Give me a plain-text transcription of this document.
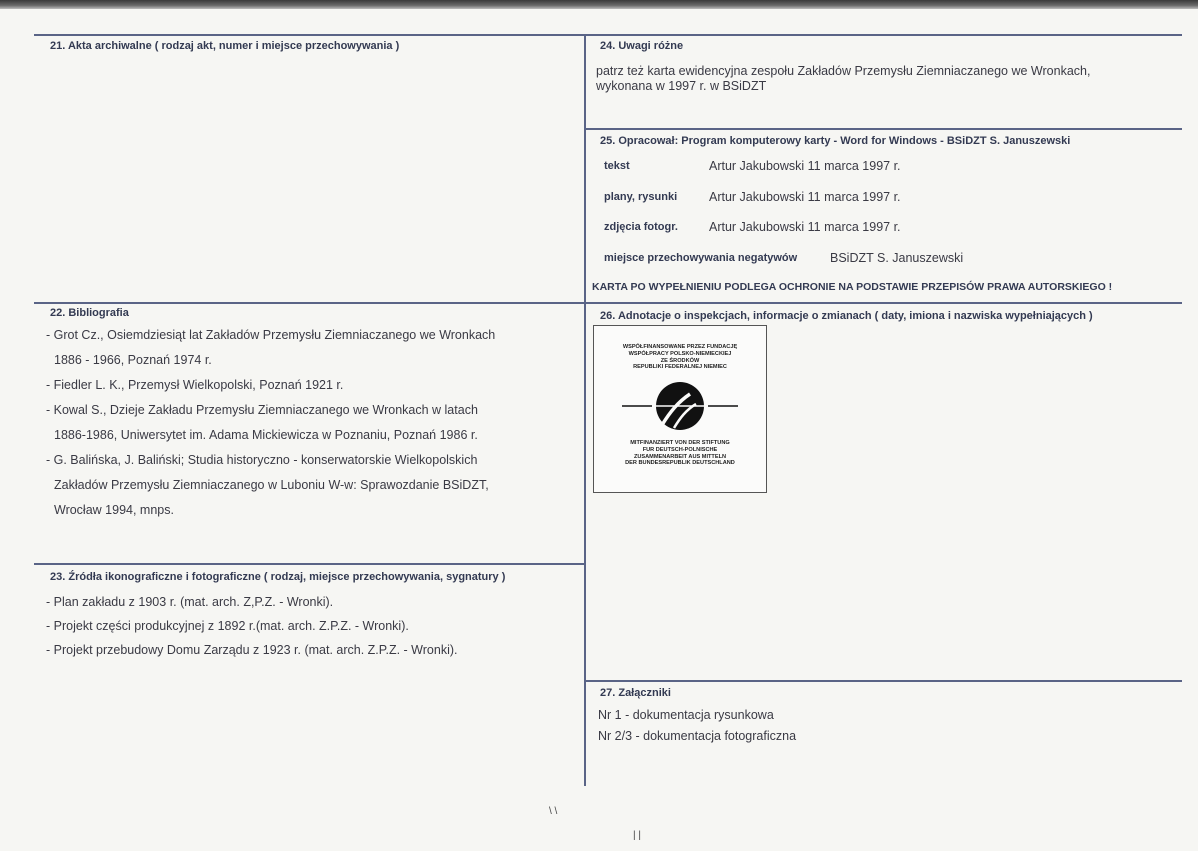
21. Akta archiwalne ( rodzaj akt, numer i miejsce przechowywania )
22. Bibliografia
- Grot Cz., Osiemdziesiąt lat Zakładów Przemysłu Ziemniaczanego we Wronkach
1886 - 1966, Poznań 1974 r.
- Fiedler L. K., Przemysł Wielkopolski, Poznań 1921 r.
- Kowal S., Dzieje Zakładu Przemysłu Ziemniaczanego we Wronkach w latach
1886-1986, Uniwersytet im. Adama Mickiewicza w Poznaniu, Poznań 1986 r.
- G. Balińska, J. Baliński; Studia historyczno - konserwatorskie Wielkopolskich
Zakładów Przemysłu Ziemniaczanego w Luboniu W-w: Sprawozdanie BSiDZT,
Wrocław 1994, mnps.
23. Źródła ikonograficzne i fotograficzne ( rodzaj, miejsce przechowywania, sygnatury )
- Plan zakładu z 1903 r. (mat. arch. Z,P.Z. - Wronki).
- Projekt części produkcyjnej z 1892 r.(mat. arch. Z.P.Z. - Wronki).
- Projekt przebudowy Domu Zarządu z 1923 r. (mat. arch. Z.P.Z. - Wronki).
24. Uwagi różne
patrz też karta ewidencyjna zespołu Zakładów Przemysłu Ziemniaczanego we Wronkach,
wykonana w 1997 r. w BSiDZT
25. Opracował: Program komputerowy karty - Word for Windows - BSiDZT S. Januszewski
tekst	Artur Jakubowski 11 marca 1997 r.
plany, rysunki	Artur Jakubowski 11 marca 1997 r.
zdjęcia fotogr. Artur Jakubowski 11 marca 1997 r.
miejsce przechowywania negatywów	BSiDZT S. Januszewski
KARTA PO WYPEŁNIENIU PODLEGA OCHRONIE NA PODSTAWIE PRZEPISÓW PRAWA AUTORSKIEGO !
26. Adnotacje o inspekcjach, informacje o zmianach ( daty, imiona i nazwiska wypełniających )
WSPÓŁFINANSOWANE PRZEZ FUNDACJĘ
WSPÓŁPRACY POLSKO-NIEMIECKIEJ
ZE ŚRODKÓW
REPUBLIKI FEDERALNEJ NIEMIEC
MITFINANZIERT VON DER STIFTUNG
FUR DEUTSCH-POLNISCHE
ZUSAMMENARBEIT AUS MITTELN
DER BUNDESREPUBLIK DEUTSCHLAND
27. Załączniki
Nr 1 - dokumentacja rysunkowa
Nr 2/3 - dokumentacja fotograficzna
\ \
| |
